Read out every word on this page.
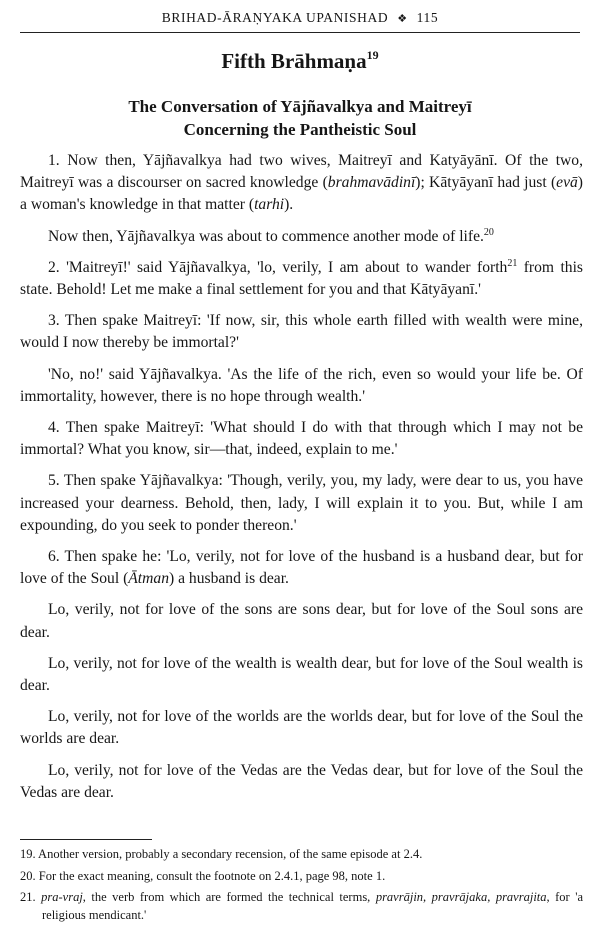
BRIHAD-ĀRAṆYAKA UPANISHAD ❖ 115
Fifth Brāhmaṇa$^{19}$
The Conversation of Yājñavalkya and Maitreyī
Concerning the Pantheistic Soul

1. Now then, Yājñavalkya had two wives, Maitreyī and Katyāyānī. Of the two, Maitreyī was a discourser on sacred knowledge (brahmavādinī); Kātyāyanī had just (evā) a woman's knowledge in that matter (tarhi).

Now then, Yājñavalkya was about to commence another mode of life.$^{20}$

2. 'Maitreyī!' said Yājñavalkya, 'lo, verily, I am about to wander forth$^{21}$ from this state. Behold! Let me make a final settlement for you and that Kātyāyanī.'

3. Then spake Maitreyī: 'If now, sir, this whole earth filled with wealth were mine, would I now thereby be immortal?'

'No, no!' said Yājñavalkya. 'As the life of the rich, even so would your life be. Of immortality, however, there is no hope through wealth.'

4. Then spake Maitreyī: 'What should I do with that through which I may not be immortal? What you know, sir—that, indeed, explain to me.'

5. Then spake Yājñavalkya: 'Though, verily, you, my lady, were dear to us, you have increased your dearness. Behold, then, lady, I will explain it to you. But, while I am expounding, do you seek to ponder thereon.'

6. Then spake he: 'Lo, verily, not for love of the husband is a husband dear, but for love of the Soul (Ātman) a husband is dear.

Lo, verily, not for love of the sons are sons dear, but for love of the Soul sons are dear.

Lo, verily, not for love of the wealth is wealth dear, but for love of the Soul wealth is dear.

Lo, verily, not for love of the worlds are the worlds dear, but for love of the Soul the worlds are dear.

Lo, verily, not for love of the Vedas are the Vedas dear, but for love of the Soul the Vedas are dear.

19. Another version, probably a secondary recension, of the same episode at 2.4.
20. For the exact meaning, consult the footnote on 2.4.1, page 98, note 1.
21. pra-vraj, the verb from which are formed the technical terms, pravrājin, pravrājaka, pravrajita, for 'a religious mendicant.'
